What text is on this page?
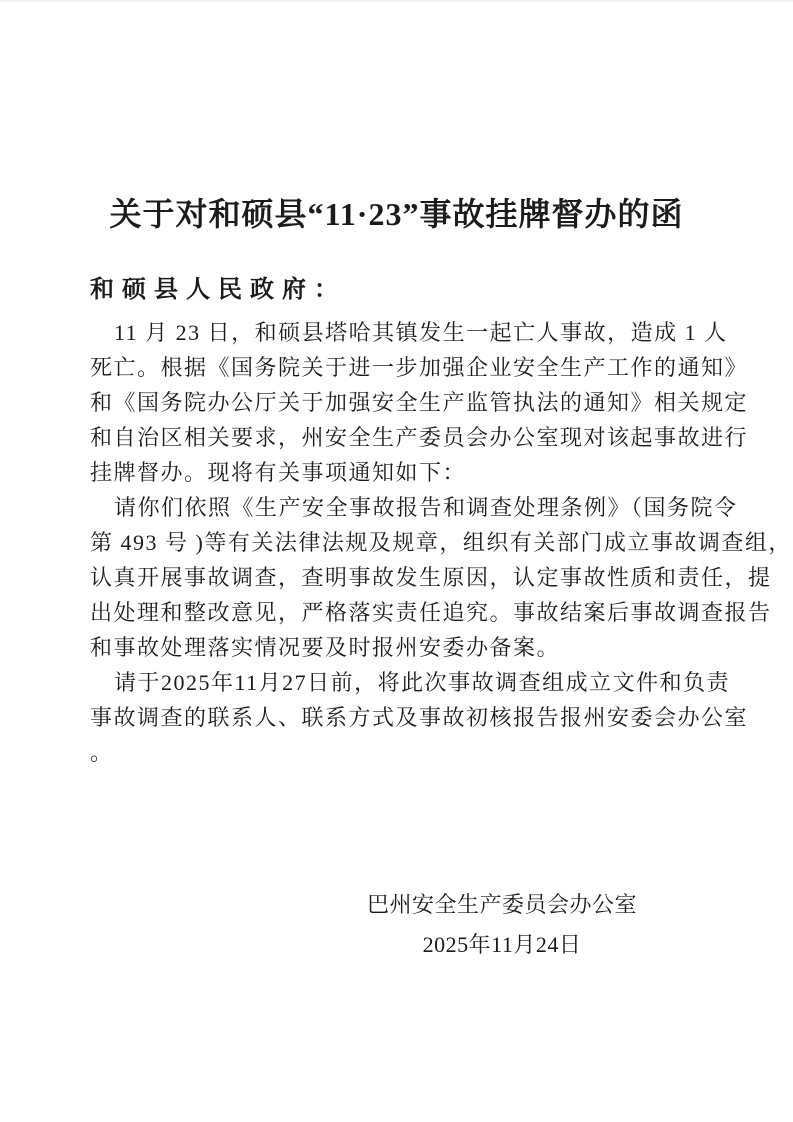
关于对和硕县“11·23”事故挂牌督办的函
和硕县人民政府：
11 月 23 日，和硕县塔哈其镇发生一起亡人事故，造成 1 人
死亡。根据《国务院关于进一步加强企业安全生产工作的通知》
和《国务院办公厅关于加强安全生产监管执法的通知》相关规定
和自治区相关要求，州安全生产委员会办公室现对该起事故进行
挂牌督办。现将有关事项通知如下：
请你们依照《生产安全事故报告和调查处理条例》（国务院令
第 493 号 )等有关法律法规及规章，组织有关部门成立事故调查组，
认真开展事故调查，查明事故发生原因，认定事故性质和责任，提
出处理和整改意见，严格落实责任追究。事故结案后事故调查报告
和事故处理落实情况要及时报州安委办备案。
请于2025年11月27日前，将此次事故调查组成立文件和负责
事故调查的联系人、联系方式及事故初核报告报州安委会办公室
。
巴州安全生产委员会办公室
2025年11月24日
